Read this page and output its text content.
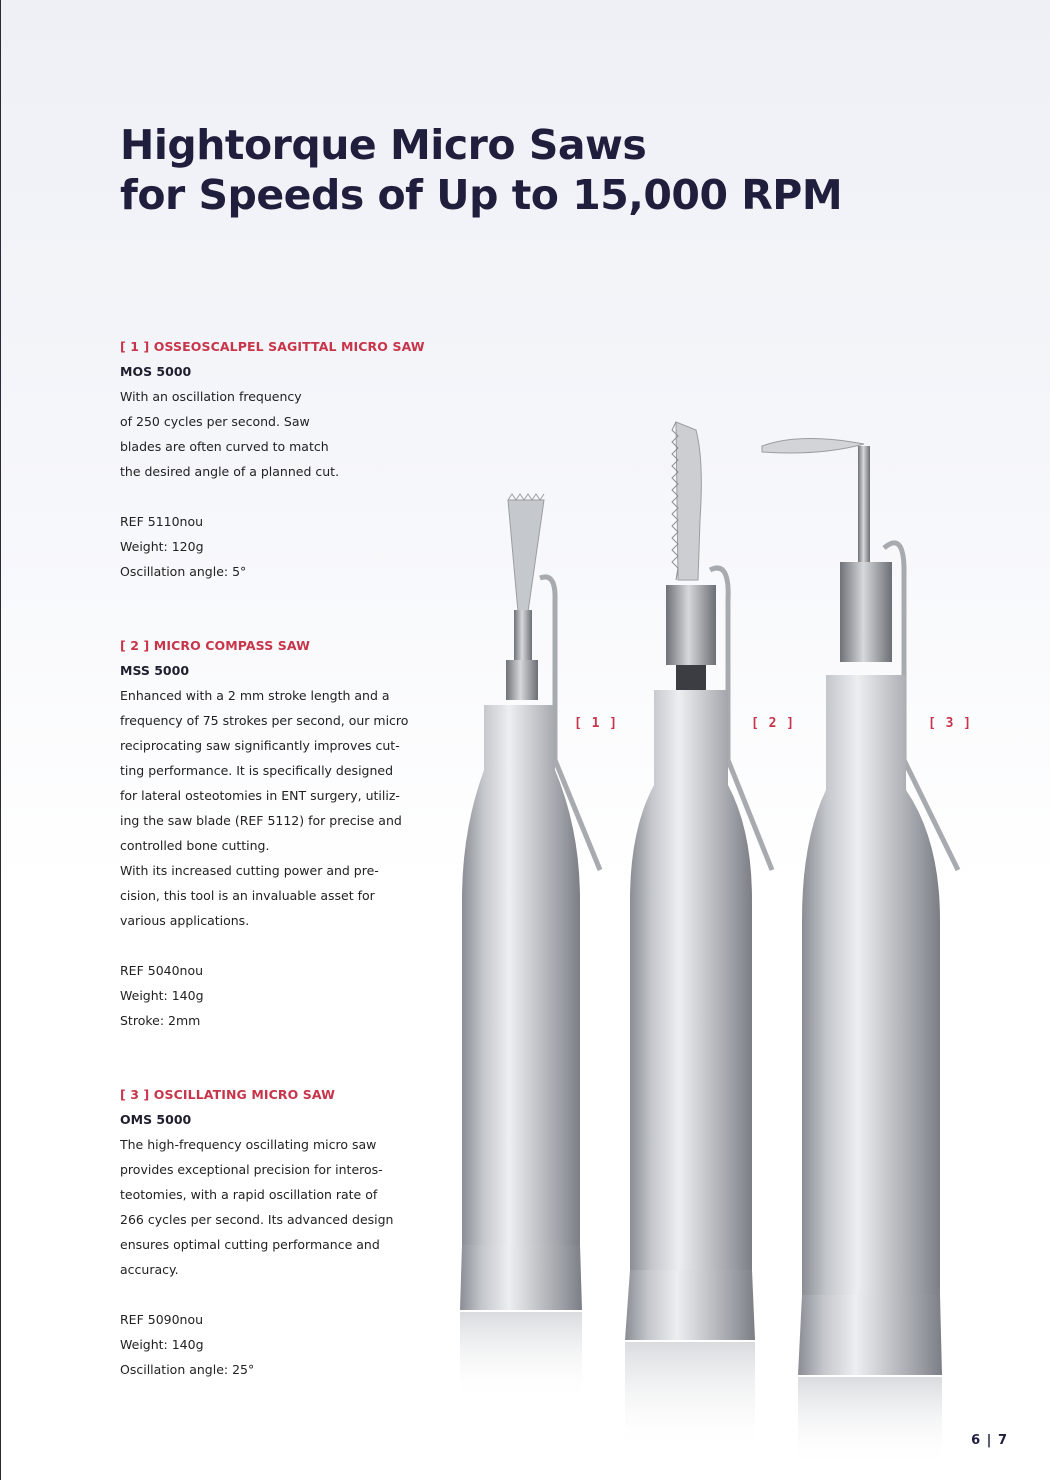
Hightorque Micro Saws
for Speeds of Up to 15,000 RPM
[ 1 ] OSSEOSCALPEL SAGITTAL MICRO SAW
MOS 5000
With an oscillation frequency
of 250 cycles per second. Saw
blades are often curved to match
the desired angle of a planned cut.
REF 5110nou
Weight: 120g
Oscillation angle: 5°
[ 2 ] MICRO COMPASS SAW
MSS 5000
Enhanced with a 2 mm stroke length and a
frequency of 75 strokes per second, our micro
reciprocating saw significantly improves cut-
ting performance. It is specifically designed
for lateral osteotomies in ENT surgery, utiliz-
ing the saw blade (REF 5112) for precise and
controlled bone cutting.
With its increased cutting power and pre-
cision, this tool is an invaluable asset for
various applications.
REF 5040nou
Weight: 140g
Stroke: 2mm
[ 3 ] OSCILLATING MICRO SAW
OMS 5000
The high-frequency oscillating micro saw
provides exceptional precision for interos-
teotomies, with a rapid oscillation rate of
266 cycles per second. Its advanced design
ensures optimal cutting performance and
accuracy.
REF 5090nou
Weight: 140g
Oscillation angle: 25°
[ 1 ]	[ 2 ]	[ 3 ]
6 | 7
